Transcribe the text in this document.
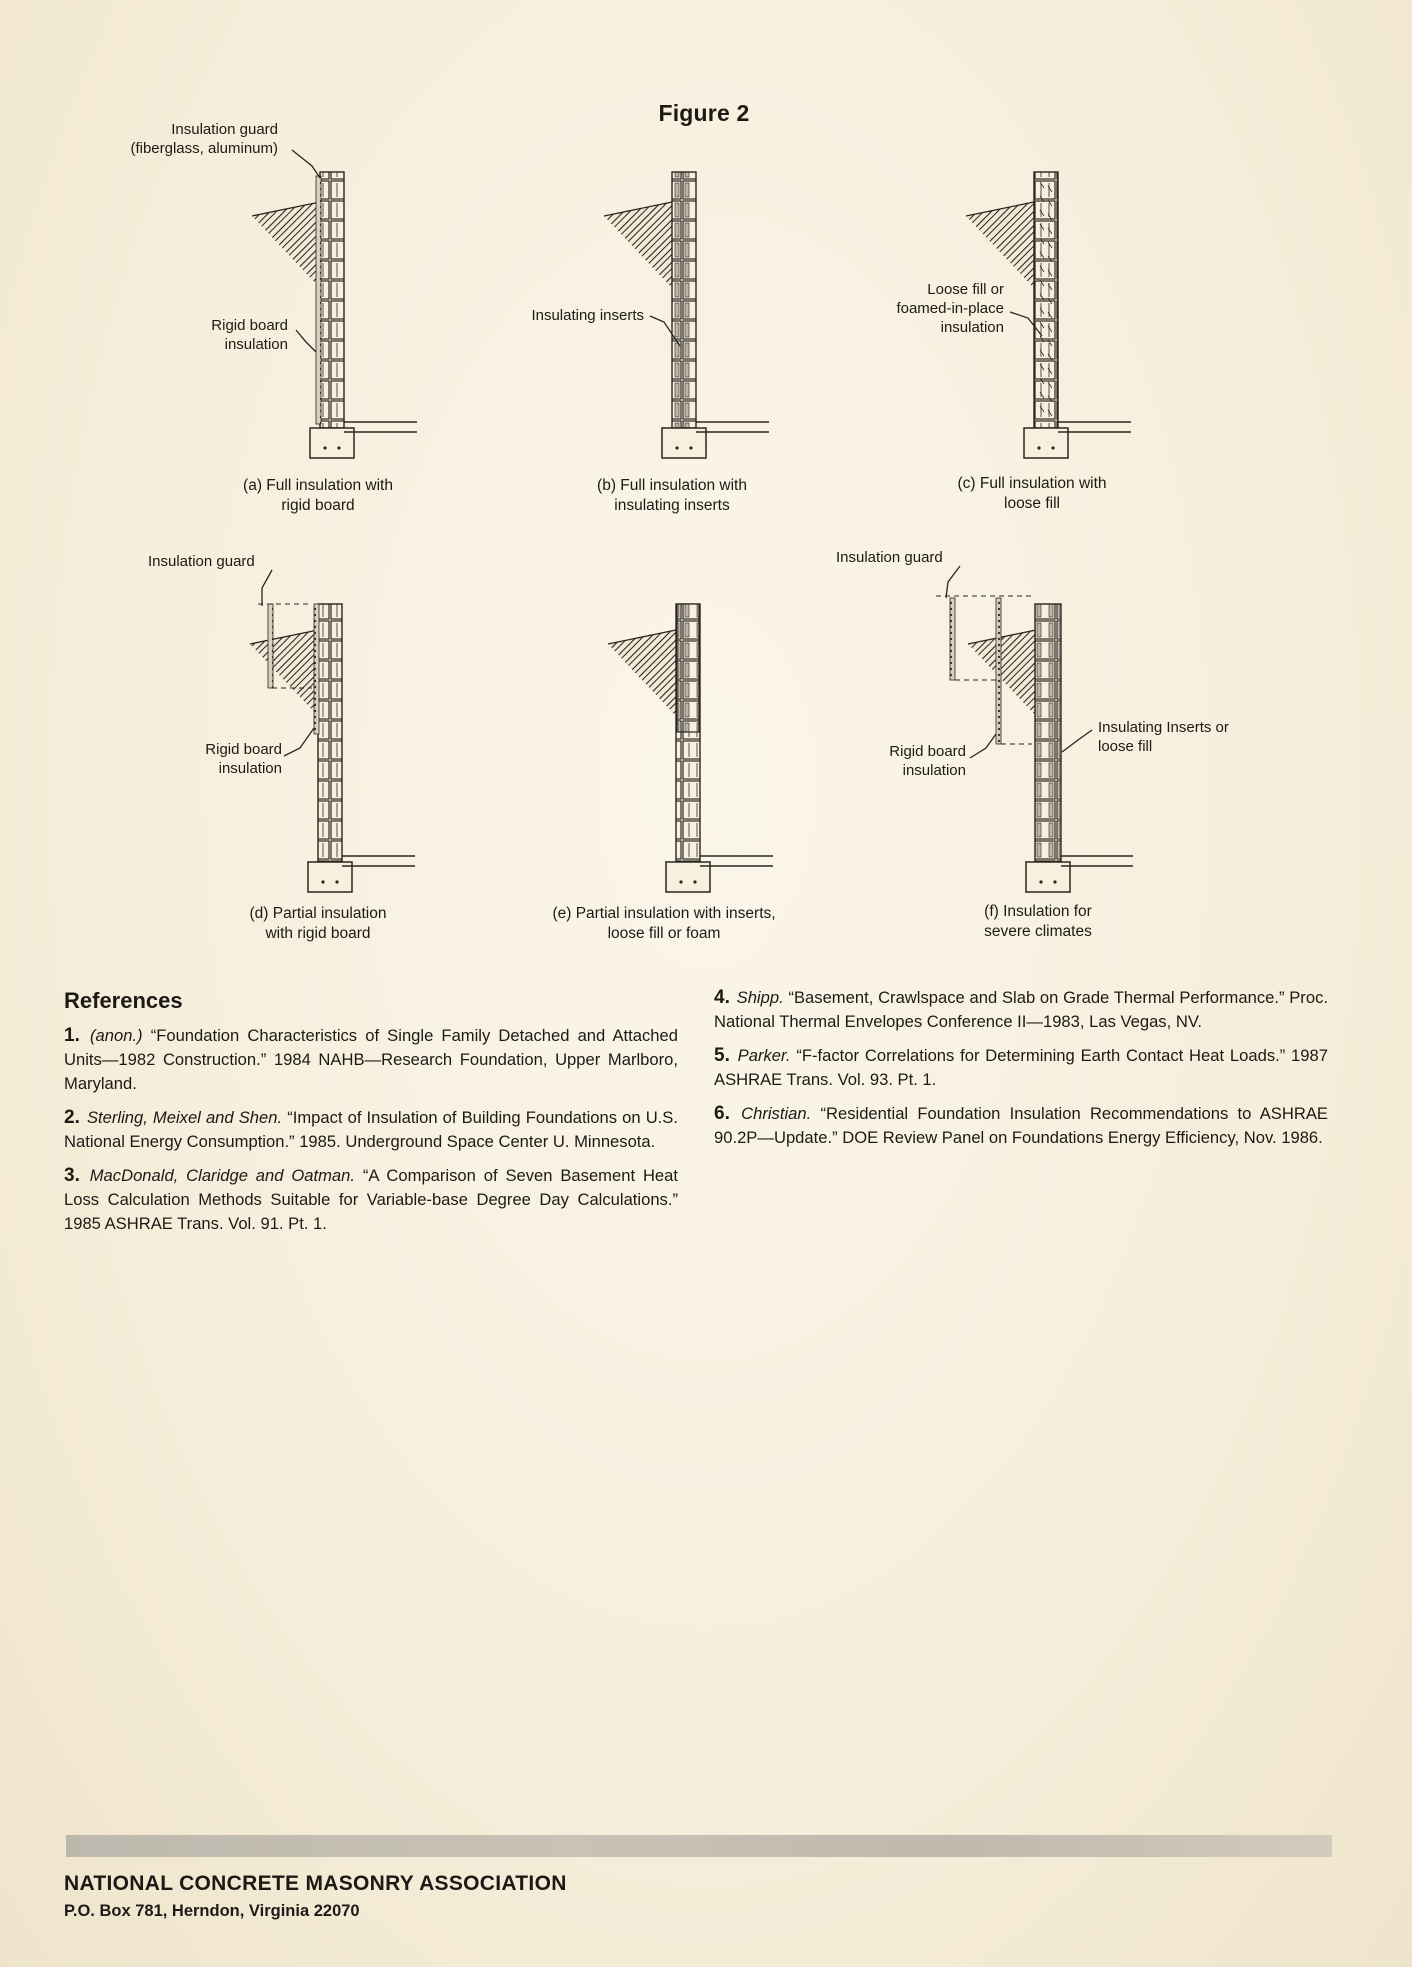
Figure 2
Insulation guard (fiberglass, aluminum)
Rigid board insulation
(a) Full insulation with rigid board
Insulating inserts
(b) Full insulation with insulating inserts
Loose fill or foamed-in-place insulation
(c) Full insulation with loose fill
Insulation guard
Rigid board insulation
(d) Partial insulation with rigid board
(e) Partial insulation with inserts, loose fill or foam
Insulation guard
Rigid board insulation
Insulating Inserts or loose fill
(f) Insulation for severe climates
References

1. (anon.) “Foundation Characteristics of Single Family Detached and Attached Units—1982 Construction.” 1984 NAHB—Research Foundation, Upper Marlboro, Maryland.

2. Sterling, Meixel and Shen. “Impact of Insulation of Building Foundations on U.S. National Energy Consumption.” 1985. Underground Space Center U. Minnesota.

3. MacDonald, Claridge and Oatman. “A Comparison of Seven Basement Heat Loss Calculation Methods Suitable for Variable-base Degree Day Calculations.” 1985 ASHRAE Trans. Vol. 91. Pt. 1.

4. Shipp. “Basement, Crawlspace and Slab on Grade Thermal Performance.” Proc. National Thermal Envelopes Conference II—1983, Las Vegas, NV.

5. Parker. “F-factor Correlations for Determining Earth Contact Heat Loads.” 1987 ASHRAE Trans. Vol. 93. Pt. 1.

6. Christian. “Residential Foundation Insulation Recommendations to ASHRAE 90.2P—Update.” DOE Review Panel on Foundations Energy Efficiency, Nov. 1986.

NATIONAL CONCRETE MASONRY ASSOCIATION
P.O. Box 781, Herndon, Virginia 22070
